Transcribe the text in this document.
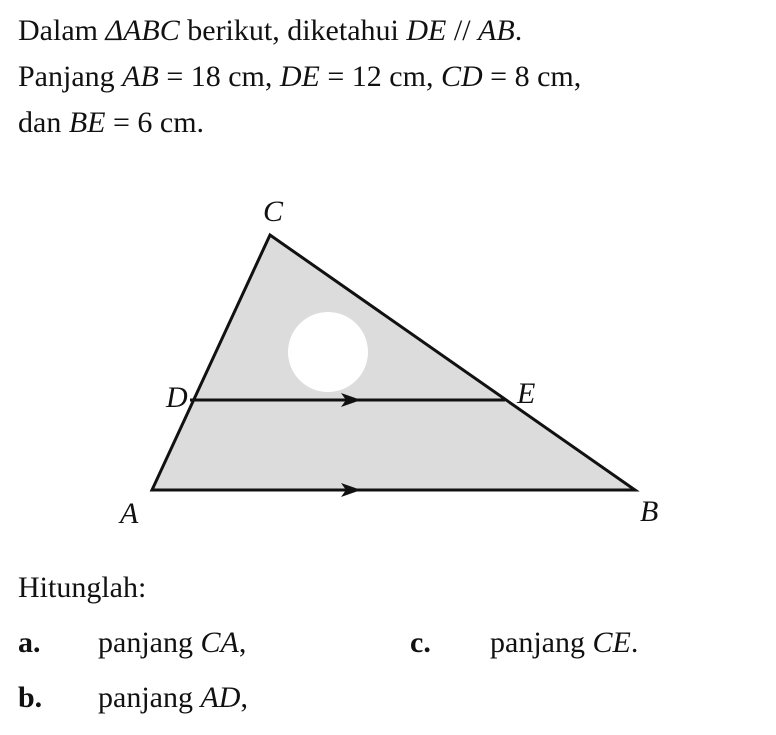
Dalam ΔABC berikut, diketahui DE // AB.

Panjang AB = 18 cm, DE = 12 cm, CD = 8 cm,

dan BE = 6 cm.

C
D	E
A	B
Hitunglah:
a. panjang CA,	c. panjang CE.
b. panjang AD,
